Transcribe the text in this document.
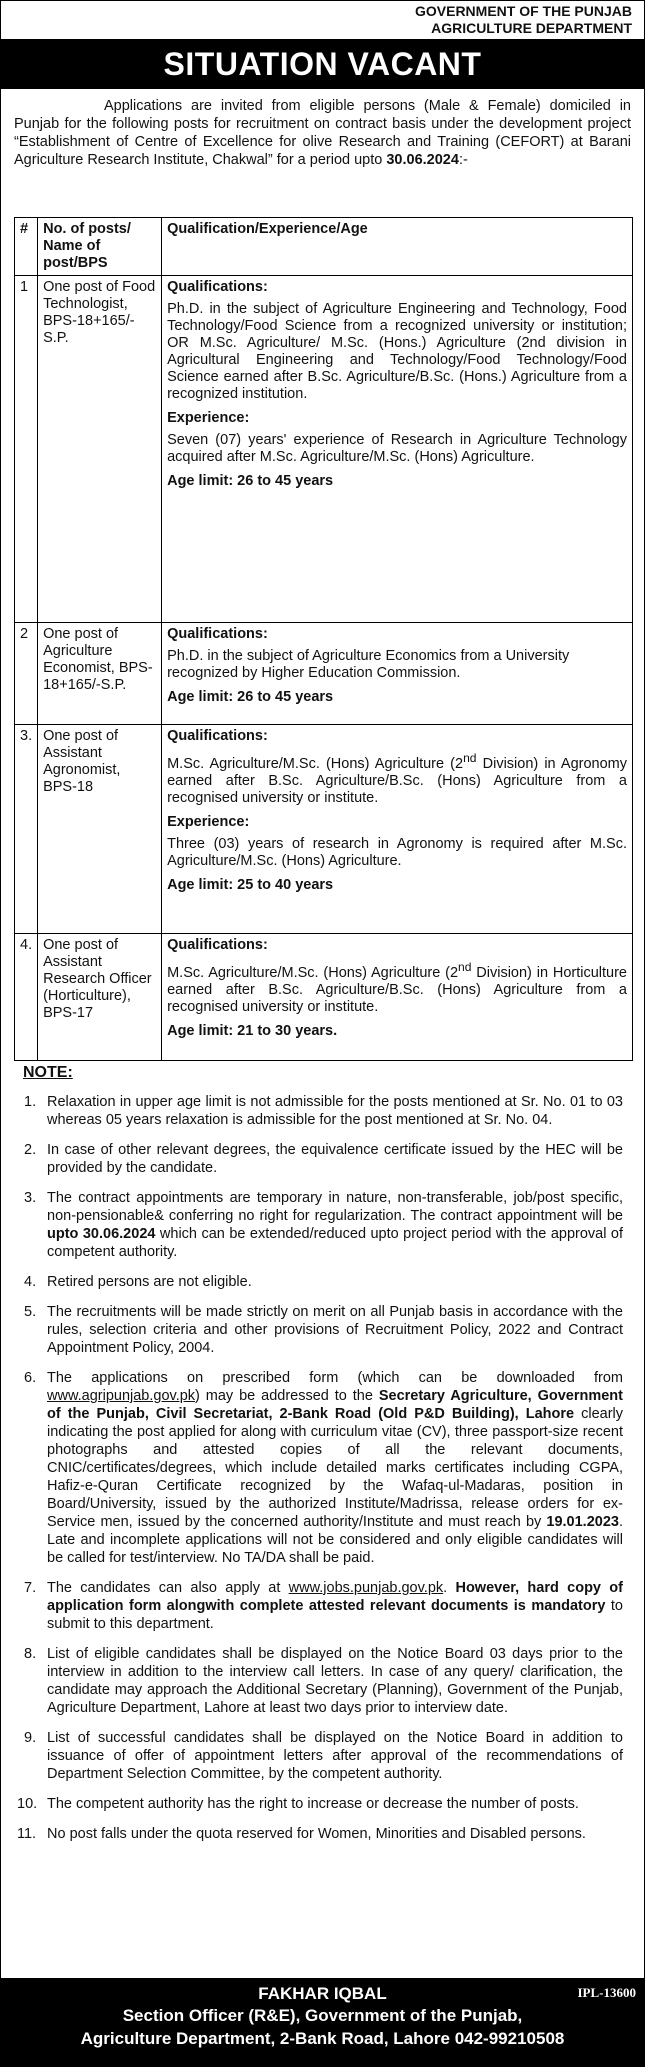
GOVERNMENT OF THE PUNJAB
AGRICULTURE DEPARTMENT
SITUATION VACANT
Applications are invited from eligible persons (Male & Female) domiciled in Punjab for the following posts for recruitment on contract basis under the development project “Establishment of Centre of Excellence for olive Research and Training (CEFORT) at Barani Agriculture Research Institute, Chakwal” for a period upto 30.06.2024:-
#	No. of posts/ Name of post/BPS	Qualification/Experience/Age
1	One post of Food Technologist, BPS-18+165/-S.P.	Qualifications:

Ph.D. in the subject of Agriculture Engineering and Technology, Food Technology/Food Science from a recognized university or institution; OR M.Sc. Agriculture/ M.Sc. (Hons.) Agriculture (2nd division in Agricultural Engineering and Technology/Food Technology/Food Science earned after B.Sc. Agriculture/B.Sc. (Hons.) Agriculture from a recognized institution.

Experience:

Seven (07) years' experience of Research in Agriculture Technology acquired after M.Sc. Agriculture/M.Sc. (Hons) Agriculture.

Age limit: 26 to 45 years

2	One post of Agriculture Economist, BPS-18+165/-S.P.	Qualifications:

Ph.D. in the subject of Agriculture Economics from a University recognized by Higher Education Commission.

Age limit: 26 to 45 years

3.	One post of Assistant Agronomist, BPS-18	Qualifications:

M.Sc. Agriculture/M.Sc. (Hons) Agriculture (2nd Division) in Agronomy earned after B.Sc. Agriculture/B.Sc. (Hons) Agriculture from a recognised university or institute.

Experience:

Three (03) years of research in Agronomy is required after M.Sc. Agriculture/M.Sc. (Hons) Agriculture.

Age limit: 25 to 40 years

4.	One post of Assistant Research Officer (Horticulture), BPS-17	Qualifications:

M.Sc. Agriculture/M.Sc. (Hons) Agriculture (2nd Division) in Horticulture earned after B.Sc. Agriculture/B.Sc. (Hons) Agriculture from a recognised university or institute.

Age limit: 21 to 30 years.
NOTE:
1. Relaxation in upper age limit is not admissible for the posts mentioned at Sr. No. 01 to 03 whereas 05 years relaxation is admissible for the post mentioned at Sr. No. 04.
2. In case of other relevant degrees, the equivalence certificate issued by the HEC will be provided by the candidate.
3. The contract appointments are temporary in nature, non-transferable, job/post specific, non-pensionable& conferring no right for regularization. The contract appointment will be upto 30.06.2024 which can be extended/reduced upto project period with the approval of competent authority.
4. Retired persons are not eligible.
5. The recruitments will be made strictly on merit on all Punjab basis in accordance with the rules, selection criteria and other provisions of Recruitment Policy, 2022 and Contract Appointment Policy, 2004.
6. The applications on prescribed form (which can be downloaded from www.agripunjab.gov.pk) may be addressed to the Secretary Agriculture, Government of the Punjab, Civil Secretariat, 2-Bank Road (Old P&D Building), Lahore clearly indicating the post applied for along with curriculum vitae (CV), three passport-size recent photographs and attested copies of all the relevant documents, CNIC/certificates/degrees, which include detailed marks certificates including CGPA, Hafiz-e-Quran Certificate recognized by the Wafaq-ul-Madaras, position in Board/University, issued by the authorized Institute/Madrissa, release orders for ex-Service men, issued by the concerned authority/Institute and must reach by 19.01.2023. Late and incomplete applications will not be considered and only eligible candidates will be called for test/interview. No TA/DA shall be paid.
7. The candidates can also apply at www.jobs.punjab.gov.pk. However, hard copy of application form alongwith complete attested relevant documents is mandatory to submit to this department.
8. List of eligible candidates shall be displayed on the Notice Board 03 days prior to the interview in addition to the interview call letters. In case of any query/ clarification, the candidate may approach the Additional Secretary (Planning), Government of the Punjab, Agriculture Department, Lahore at least two days prior to interview date.
9. List of successful candidates shall be displayed on the Notice Board in addition to issuance of offer of appointment letters after approval of the recommendations of Department Selection Committee, by the competent authority.
10. The competent authority has the right to increase or decrease the number of posts.
11. No post falls under the quota reserved for Women, Minorities and Disabled persons.
IPL-13600
FAKHAR IQBAL
Section Officer (R&E), Government of the Punjab,
Agriculture Department, 2-Bank Road, Lahore 042-99210508
